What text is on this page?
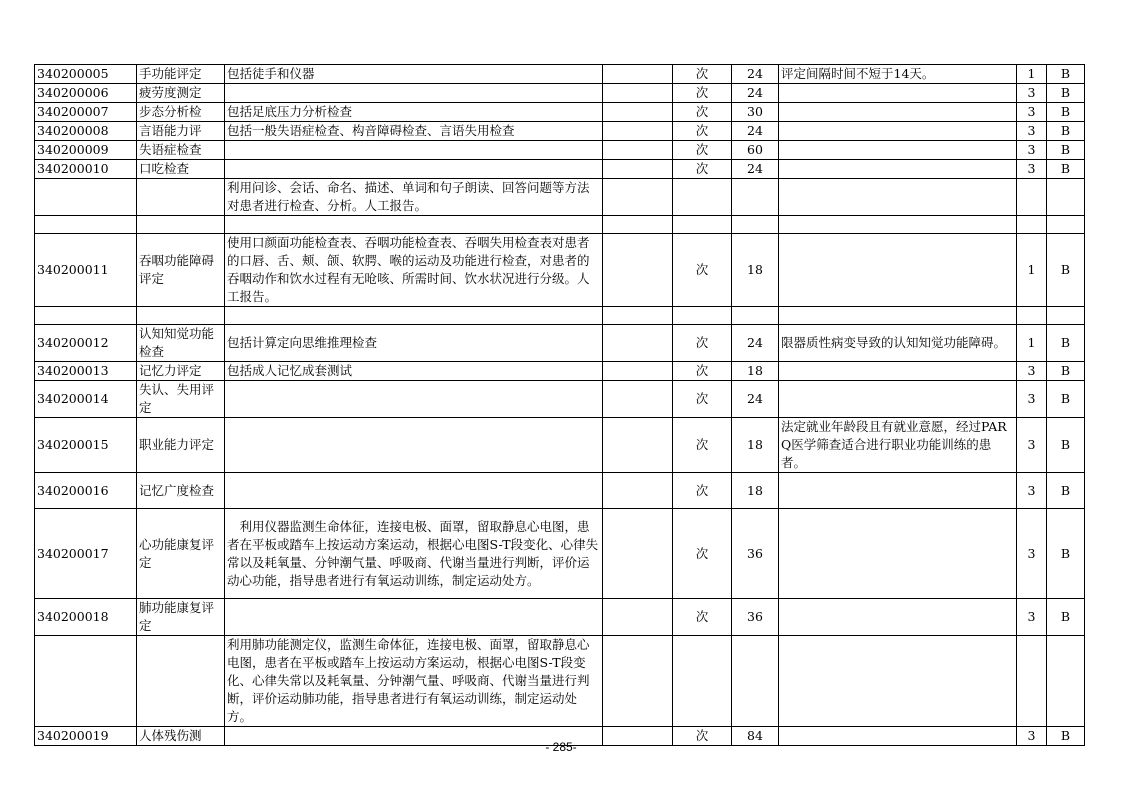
340200005	手功能评定	包括徒手和仪器		次	24	评定间隔时间不短于14天。	1	B
340200006	疲劳度测定			次	24		3	B
340200007	步态分析检	包括足底压力分析检查		次	30		3	B
340200008	言语能力评	包括一般失语症检查、构音障碍检查、言语失用检查		次	24		3	B
340200009	失语症检查			次	60		3	B
340200010	口吃检查			次	24		3	B
		利用问诊、会话、命名、描述、单词和句子朗读、回答问题等方法对患者进行检查、分析。人工报告。						

340200011	吞咽功能障碍评定	使用口颜面功能检查表、吞咽功能检查表、吞咽失用检查表对患者的口唇、舌、颊、颌、软腭、喉的运动及功能进行检查，对患者的吞咽动作和饮水过程有无呛咳、所需时间、饮水状况进行分级。人工报告。		次	18		1	B

340200012	认知知觉功能检查	包括计算定向思维推理检查		次	24	限器质性病变导致的认知知觉功能障碍。	1	B
340200013	记忆力评定	包括成人记忆成套测试		次	18		3	B
340200014	失认、失用评定			次	24		3	B
340200015	职业能力评定			次	18	法定就业年龄段且有就业意愿，经过PARQ医学筛查适合进行职业功能训练的患者。	3	B
340200016	记忆广度检查			次	18		3	B
340200017	心功能康复评定	利用仪器监测生命体征，连接电极、面罩，留取静息心电图，患者在平板或踏车上按运动方案运动，根据心电图S-T段变化、心律失常以及耗氧量、分钟潮气量、呼吸商、代谢当量进行判断，评价运动心功能，指导患者进行有氧运动训练，制定运动处方。		次	36		3	B
340200018	肺功能康复评定			次	36		3	B
		利用肺功能测定仪，监测生命体征，连接电极、面罩，留取静息心电图，患者在平板或踏车上按运动方案运动，根据心电图S-T段变化、心律失常以及耗氧量、分钟潮气量、呼吸商、代谢当量进行判断，评价运动肺功能，指导患者进行有氧运动训练，制定运动处方。						
340200019	人体残伤测			次	84		3	B
- 285-
